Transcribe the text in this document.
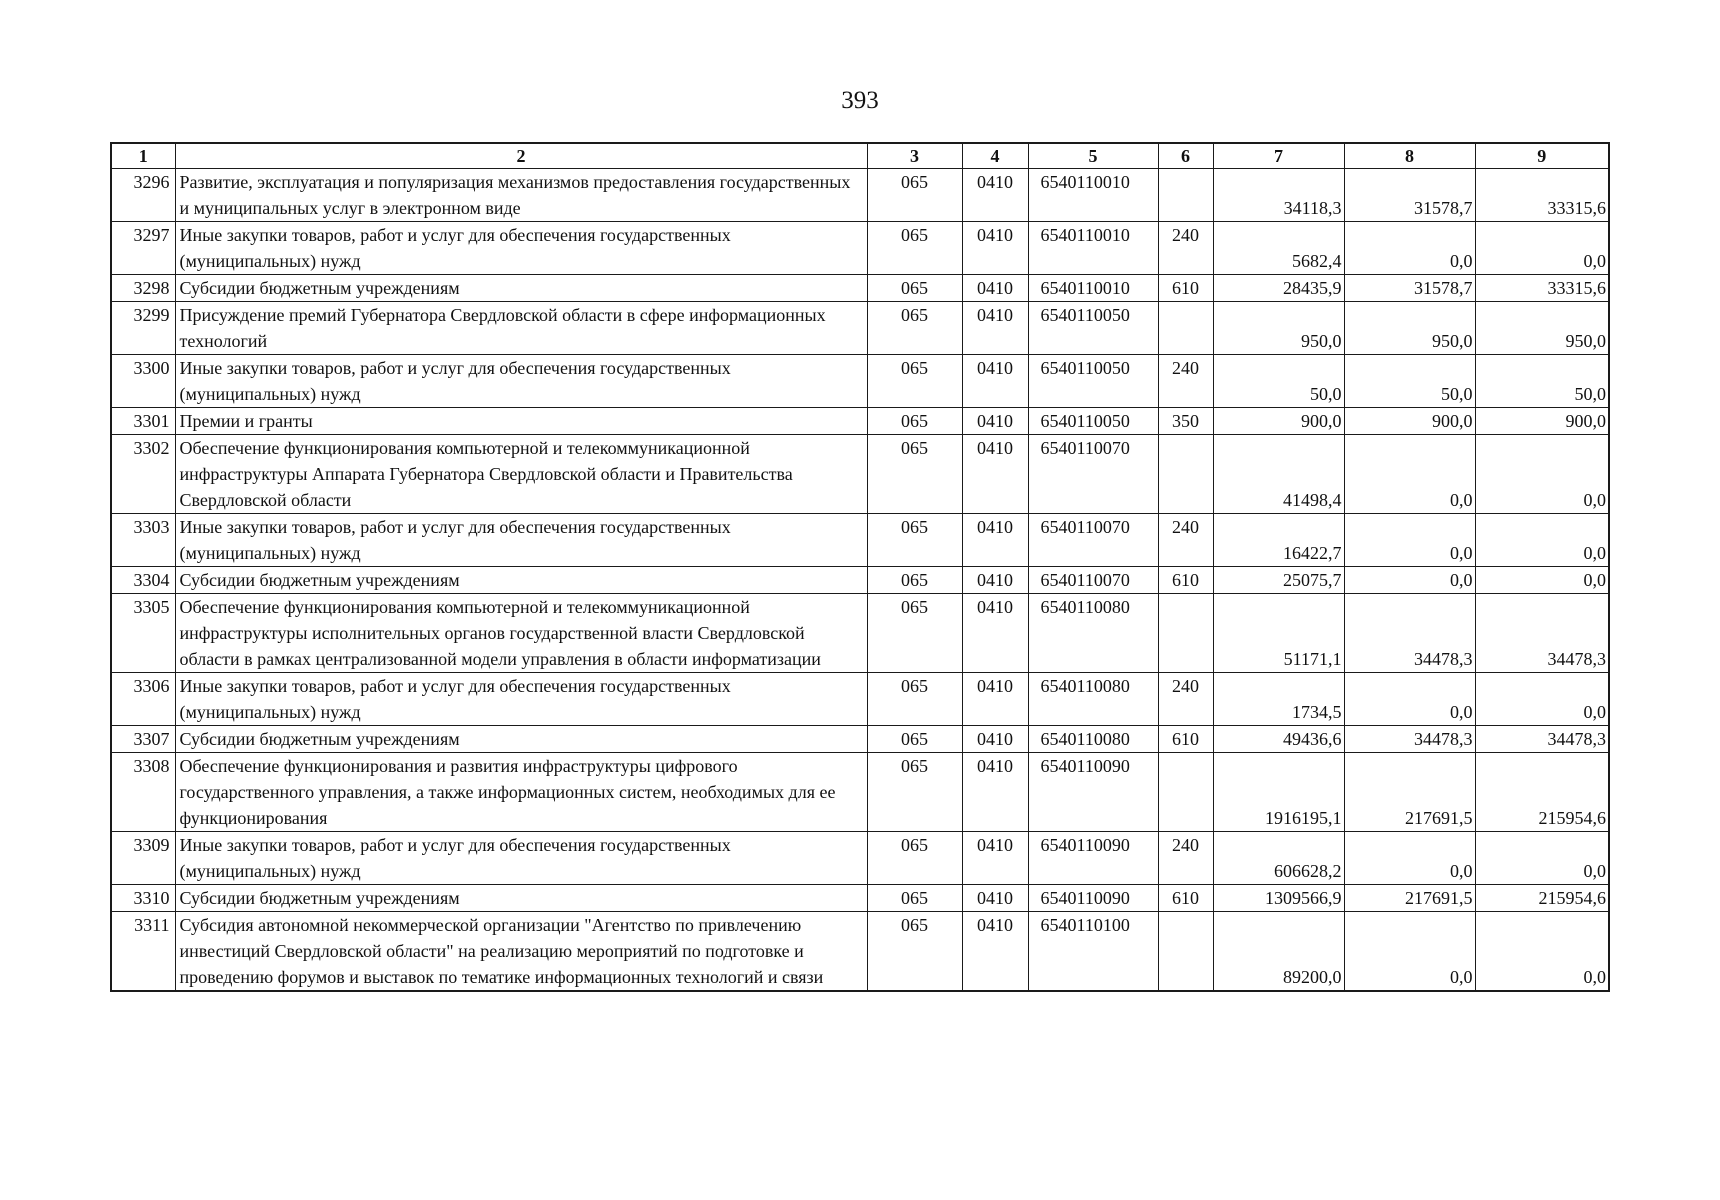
393
1	2	3	4	5	6	7	8	9
3296	Развитие, эксплуатация и популяризация механизмов предоставления государственных и муниципальных услуг в электронном виде	065	0410	6540110010		34118,3	31578,7	33315,6
3297	Иные закупки товаров, работ и услуг для обеспечения государственных (муниципальных) нужд	065	0410	6540110010	240	5682,4	0,0	0,0
3298	Субсидии бюджетным учреждениям	065	0410	6540110010	610	28435,9	31578,7	33315,6
3299	Присуждение премий Губернатора Свердловской области в сфере информационных технологий	065	0410	6540110050		950,0	950,0	950,0
3300	Иные закупки товаров, работ и услуг для обеспечения государственных (муниципальных) нужд	065	0410	6540110050	240	50,0	50,0	50,0
3301	Премии и гранты	065	0410	6540110050	350	900,0	900,0	900,0
3302	Обеспечение функционирования компьютерной и телекоммуникационной инфраструктуры Аппарата Губернатора Свердловской области и Правительства Свердловской области	065	0410	6540110070		41498,4	0,0	0,0
3303	Иные закупки товаров, работ и услуг для обеспечения государственных (муниципальных) нужд	065	0410	6540110070	240	16422,7	0,0	0,0
3304	Субсидии бюджетным учреждениям	065	0410	6540110070	610	25075,7	0,0	0,0
3305	Обеспечение функционирования компьютерной и телекоммуникационной инфраструктуры исполнительных органов государственной власти Свердловской области в рамках централизованной модели управления в области информатизации	065	0410	6540110080		51171,1	34478,3	34478,3
3306	Иные закупки товаров, работ и услуг для обеспечения государственных (муниципальных) нужд	065	0410	6540110080	240	1734,5	0,0	0,0
3307	Субсидии бюджетным учреждениям	065	0410	6540110080	610	49436,6	34478,3	34478,3
3308	Обеспечение функционирования и развития инфраструктуры цифрового государственного управления, а также информационных систем, необходимых для ее функционирования	065	0410	6540110090		1916195,1	217691,5	215954,6
3309	Иные закупки товаров, работ и услуг для обеспечения государственных (муниципальных) нужд	065	0410	6540110090	240	606628,2	0,0	0,0
3310	Субсидии бюджетным учреждениям	065	0410	6540110090	610	1309566,9	217691,5	215954,6
3311	Субсидия автономной некоммерческой организации "Агентство по привлечению инвестиций Свердловской области" на реализацию мероприятий по подготовке и проведению форумов и выставок по тематике информационных технологий и связи	065	0410	6540110100		89200,0	0,0	0,0
